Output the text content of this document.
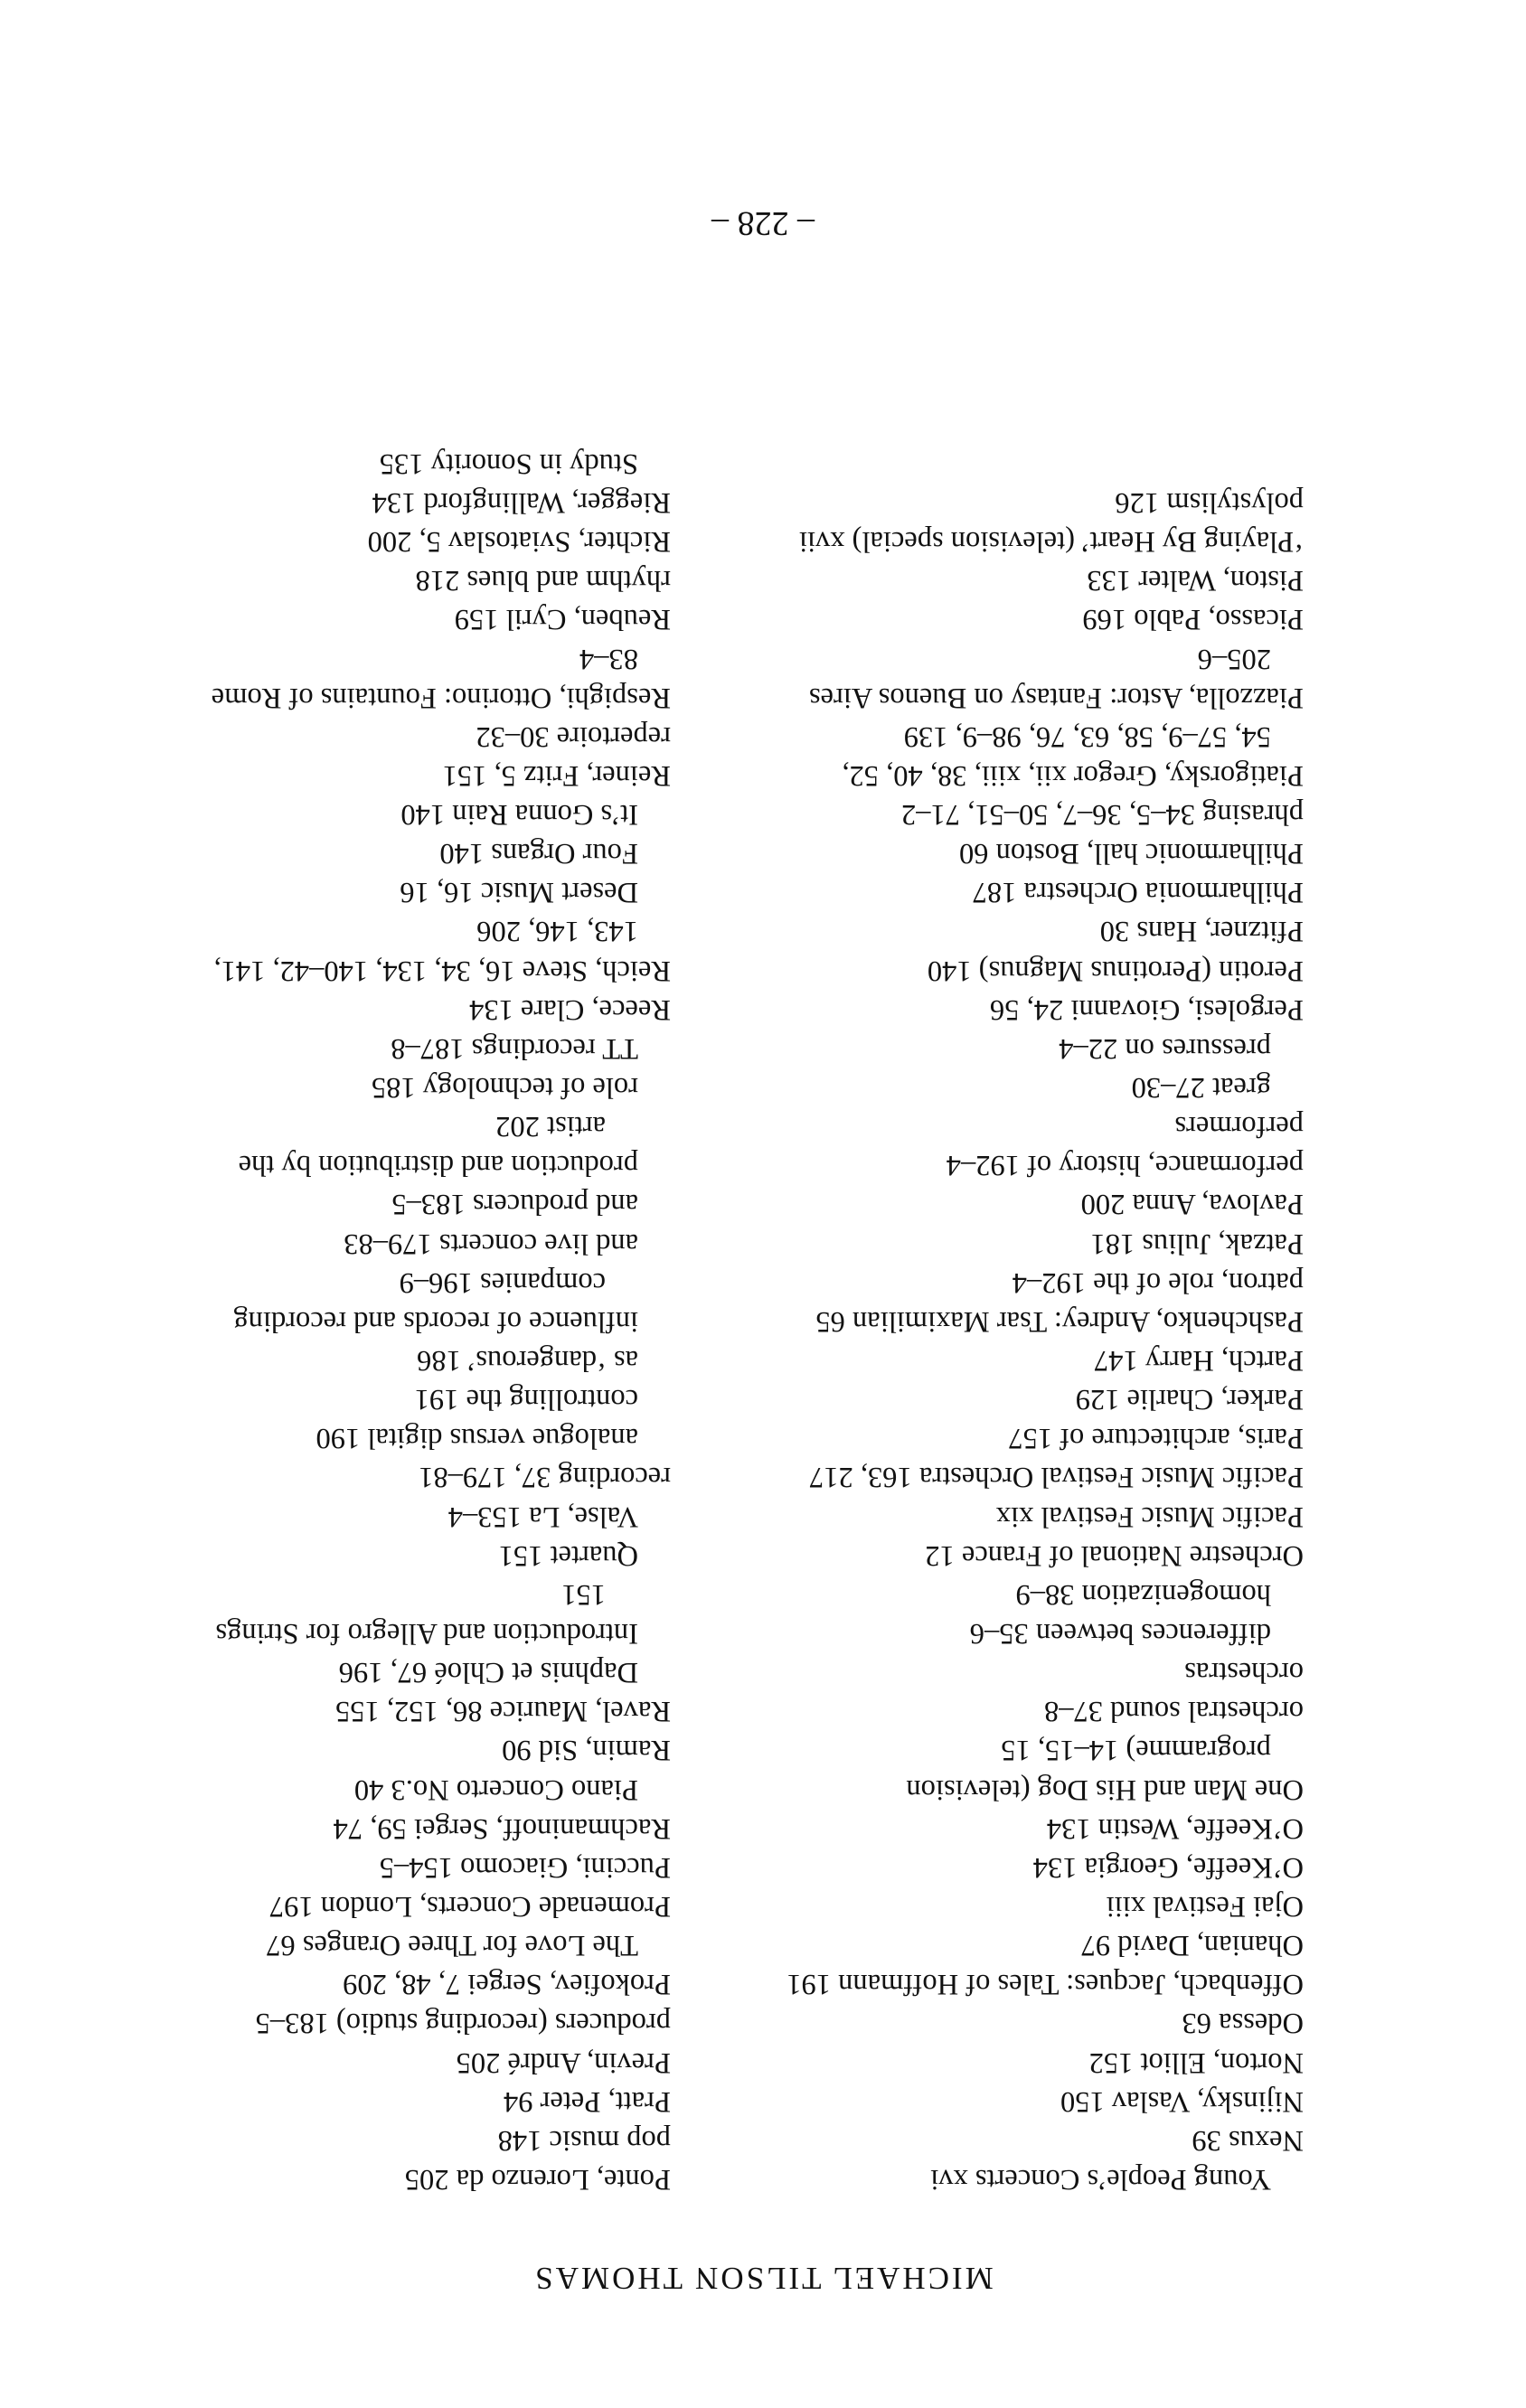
MICHAEL TILSON THOMAS
Young People’s Concerts xvi
Nexus 39
Nijinsky, Vaslav 150
Norton, Elliot 152
Odessa 63
Offenbach, Jacques: Tales of Hoffmann 191
Ohanian, David 97
Ojai Festival xiii
O’Keeffe, Georgia 134
O’Keeffe, Westin 134
One Man and His Dog (television
programme) 14–15, 15
orchestral sound 37–8
orchestras
differences between 35–6
homogenization 38–9
Orchestre National of France 12
Pacific Music Festival xix
Pacific Music Festival Orchestra 163, 217
Paris, architecture of 157
Parker, Charlie 129
Partch, Harry 147
Pashchenko, Andrey: Tsar Maximilian 65
patron, role of the 192–4
Patzak, Julius 181
Pavlova, Anna 200
performance, history of 192–4
performers
great 27–30
pressures on 22–4
Pergolesi, Giovanni 24, 56
Perotin (Perotinus Magnus) 140
Pfitzner, Hans 30
Philharmonia Orchestra 187
Philharmonic hall, Boston 60
phrasing 34–5, 36–7, 50–51, 71–2
Piatigorsky, Gregor xii, xiii, 38, 40, 52,
54, 57–9, 58, 63, 76, 98–9, 139
Piazzolla, Astor: Fantasy on Buenos Aires
205–6
Picasso, Pablo 169
Piston, Walter 133
‘Playing By Heart’ (television special) xvii
polystylism 126
Ponte, Lorenzo da 205
pop music 148
Pratt, Peter 94
Previn, André 205
producers (recording studio) 183–5
Prokofiev, Sergei 7, 48, 209
The Love for Three Oranges 67
Promenade Concerts, London 197
Puccini, Giacomo 154–5
Rachmaninoff, Sergei 59, 74
Piano Concerto No.3 40
Ramin, Sid 90
Ravel, Maurice 86, 152, 155
Daphnis et Chloé 67, 196
Introduction and Allegro for Strings
151
Quartet 151
Valse, La 153–4
recording 37, 179–81
analogue versus digital 190
controlling the 191
as ‘dangerous’ 186
influence of records and recording
companies 196–9
and live concerts 179–83
and producers 183–5
production and distribution by the
artist 202
role of technology 185
TT recordings 187–8
Reece, Clare 134
Reich, Steve 16, 34, 134, 140–42, 141,
143, 146, 206
Desert Music 16, 16
Four Organs 140
It’s Gonna Rain 140
Reiner, Fritz 5, 151
repertoire 30–32
Respighi, Ottorino: Fountains of Rome
83–4
Reuben, Cyril 159
rhythm and blues 218
Richter, Sviatoslav 5, 200
Riegger, Wallingford 134
Study in Sonority 135
– 228 –
